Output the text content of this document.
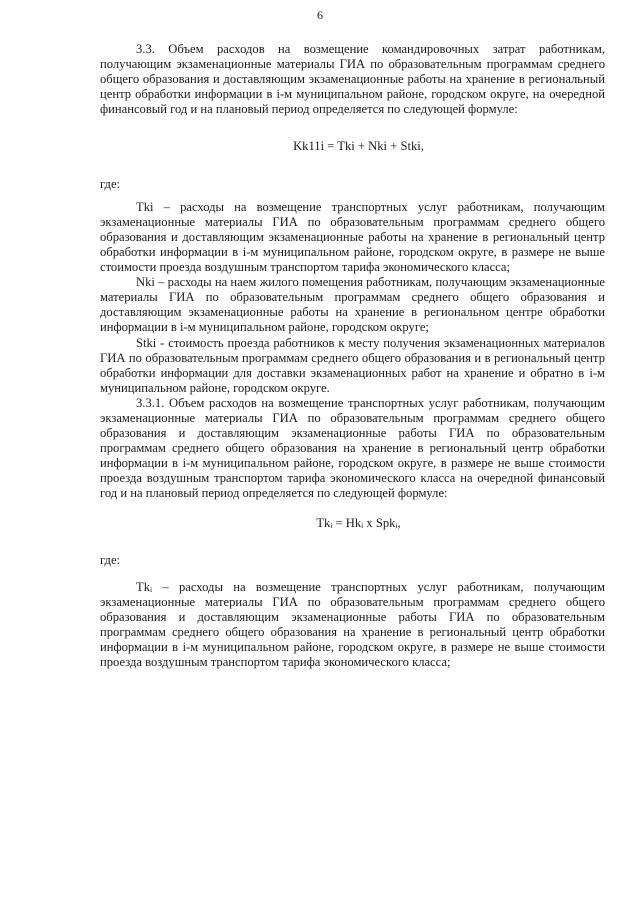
6

3.3. Объем расходов на возмещение командировочных затрат работникам, получающим экзаменационные материалы ГИА по образовательным программам среднего общего образования и доставляющим экзаменационные работы на хранение в региональный центр обработки информации в i-м муниципальном районе, городском округе, на очередной финансовый год и на плановый период определяется по следующей формуле:

Kk11i = Tki + Nki + Stki,

где:

Tki – расходы на возмещение транспортных услуг работникам, получающим экзаменационные материалы ГИА по образовательным программам среднего общего образования и доставляющим экзаменационные работы на хранение в региональный центр обработки информации в i-м муниципальном районе, городском округе, в размере не выше стоимости проезда воздушным транспортом тарифа экономического класса;

Nki – расходы на наем жилого помещения работникам, получающим экзаменационные материалы ГИА по образовательным программам среднего общего образования и доставляющим экзаменационные работы на хранение в региональном центре обработки информации в i-м муниципальном районе, городском округе;

Stki - стоимость проезда работников к месту получения экзаменационных материалов ГИА по образовательным программам среднего общего образования и в региональный центр обработки информации для доставки экзаменационных работ на хранение и обратно в i-м муниципальном районе, городском округе.

3.3.1. Объем расходов на возмещение транспортных услуг работникам, получающим экзаменационные материалы ГИА по образовательным программам среднего общего образования и доставляющим экзаменационные работы ГИА по образовательным программам среднего общего образования на хранение в региональный центр обработки информации в i-м муниципальном районе, городском округе, в размере не выше стоимости проезда воздушным транспортом тарифа экономического класса на очередной финансовый год и на плановый период определяется по следующей формуле:

Tkᵢ = Hkᵢ x Spkᵢ,

где:

Tkᵢ – расходы на возмещение транспортных услуг работникам, получающим экзаменационные материалы ГИА по образовательным программам среднего общего образования и доставляющим экзаменационные работы ГИА по образовательным программам среднего общего образования на хранение в региональный центр обработки информации в i-м муниципальном районе, городском округе, в размере не выше стоимости проезда воздушным транспортом тарифа экономического класса;
